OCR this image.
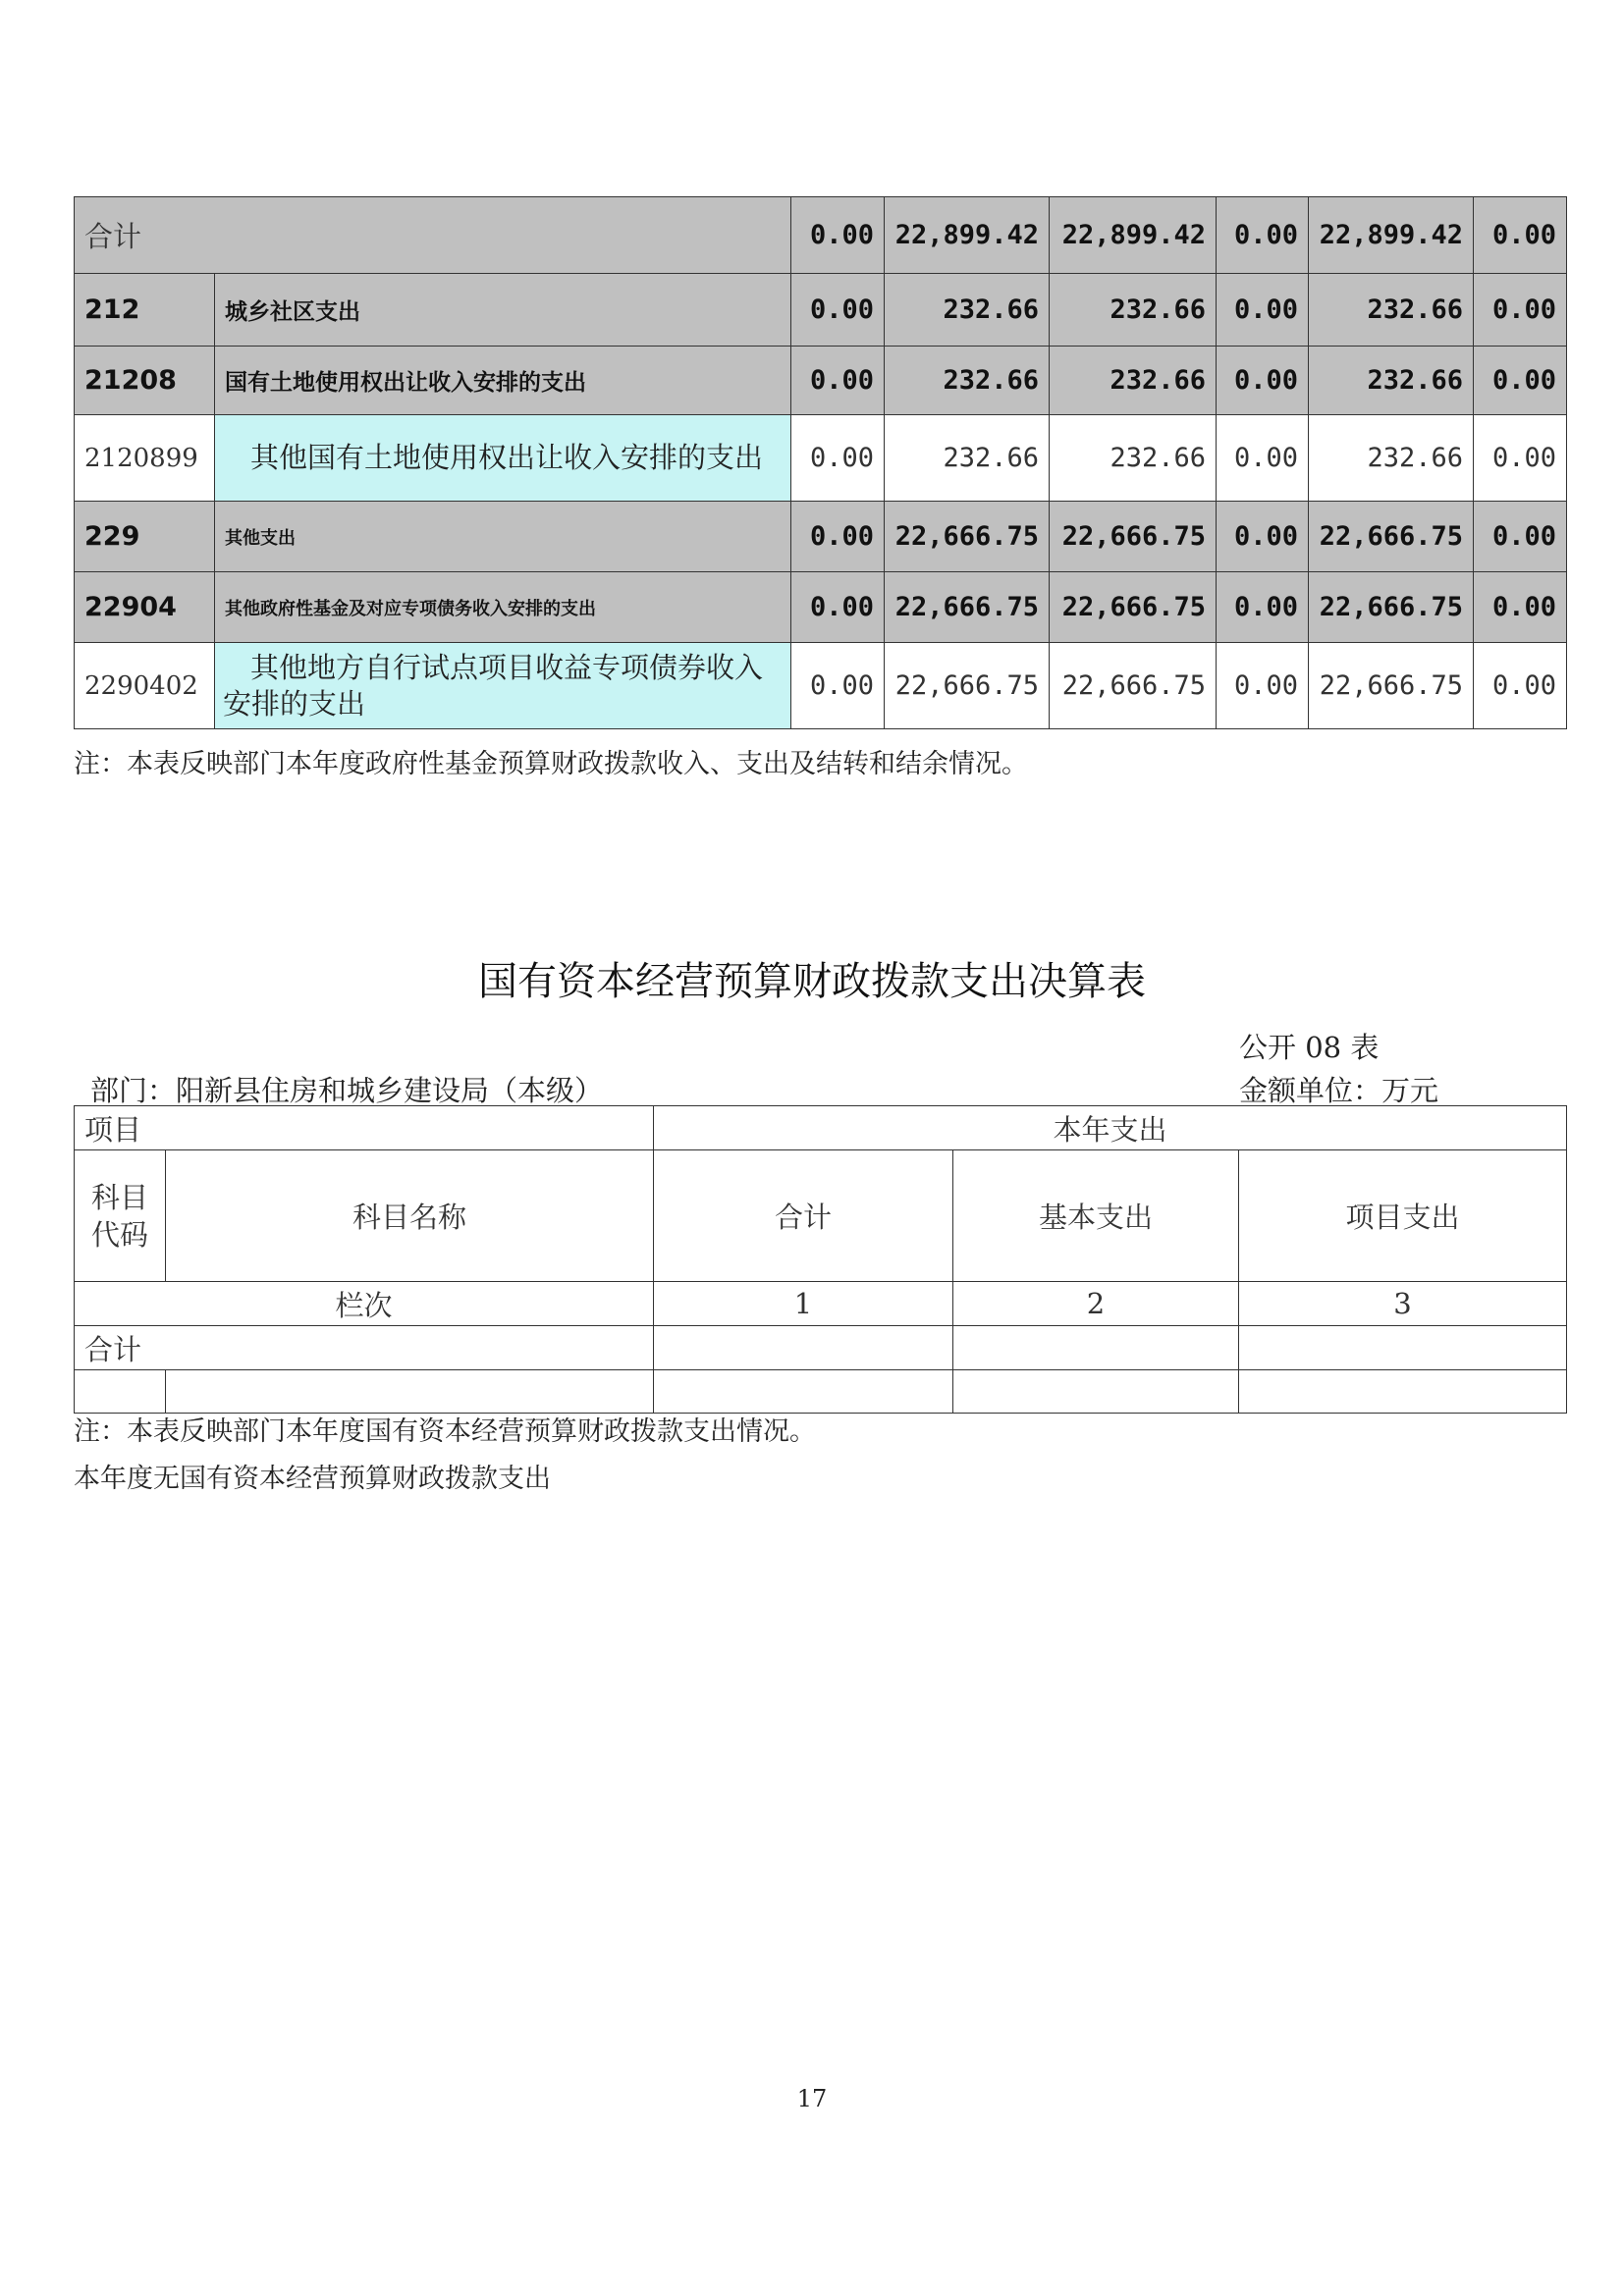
合计		0.00	22,899.42	22,899.42	0.00	22,899.42	0.00
212	城乡社区支出	0.00	232.66	232.66	0.00	232.66	0.00
21208	国有土地使用权出让收入安排的支出	0.00	232.66	232.66	0.00	232.66	0.00
2120899	其他国有土地使用权出让收入安排的支出	0.00	232.66	232.66	0.00	232.66	0.00
229	其他支出	0.00	22,666.75	22,666.75	0.00	22,666.75	0.00
22904	其他政府性基金及对应专项债务收入安排的支出	0.00	22,666.75	22,666.75	0.00	22,666.75	0.00
2290402	其他地方自行试点项目收益专项债券收入安排的支出	0.00	22,666.75	22,666.75	0.00	22,666.75	0.00
注：本表反映部门本年度政府性基金预算财政拨款收入、支出及结转和结余情况。
国有资本经营预算财政拨款支出决算表
公开 08 表
部门：阳新县住房和城乡建设局（本级）	金额单位：万元
项目		本年支出		
科目代码	科目名称	合计	基本支出	项目支出
栏次		1	2	3
合计				

注：本表反映部门本年度国有资本经营预算财政拨款支出情况。
本年度无国有资本经营预算财政拨款支出
17
